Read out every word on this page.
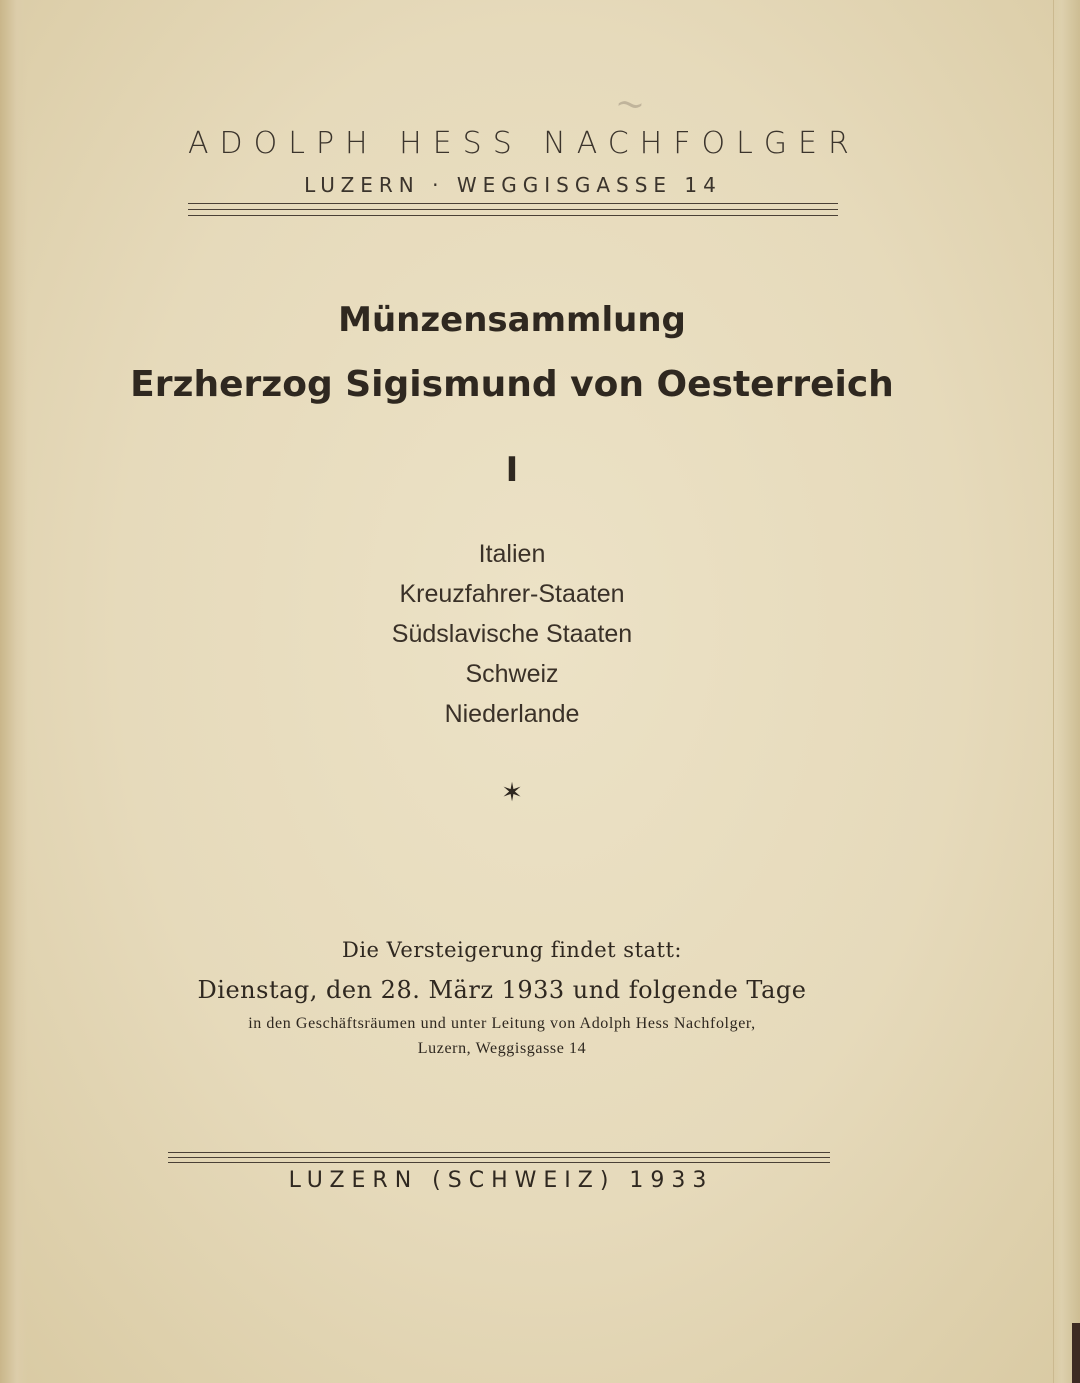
~
ADOLPH HESS NACHFOLGER
LUZERN · WEGGISGASSE 14
Münzensammlung
Erzherzog Sigismund von Oesterreich
I
Italien
Kreuzfahrer-Staaten
Südslavische Staaten
Schweiz
Niederlande
✶
Die Versteigerung findet statt:
Dienstag, den 28. März 1933 und folgende Tage
in den Geschäftsräumen und unter Leitung von Adolph Hess Nachfolger,
Luzern, Weggisgasse 14
LUZERN (SCHWEIZ) 1933
